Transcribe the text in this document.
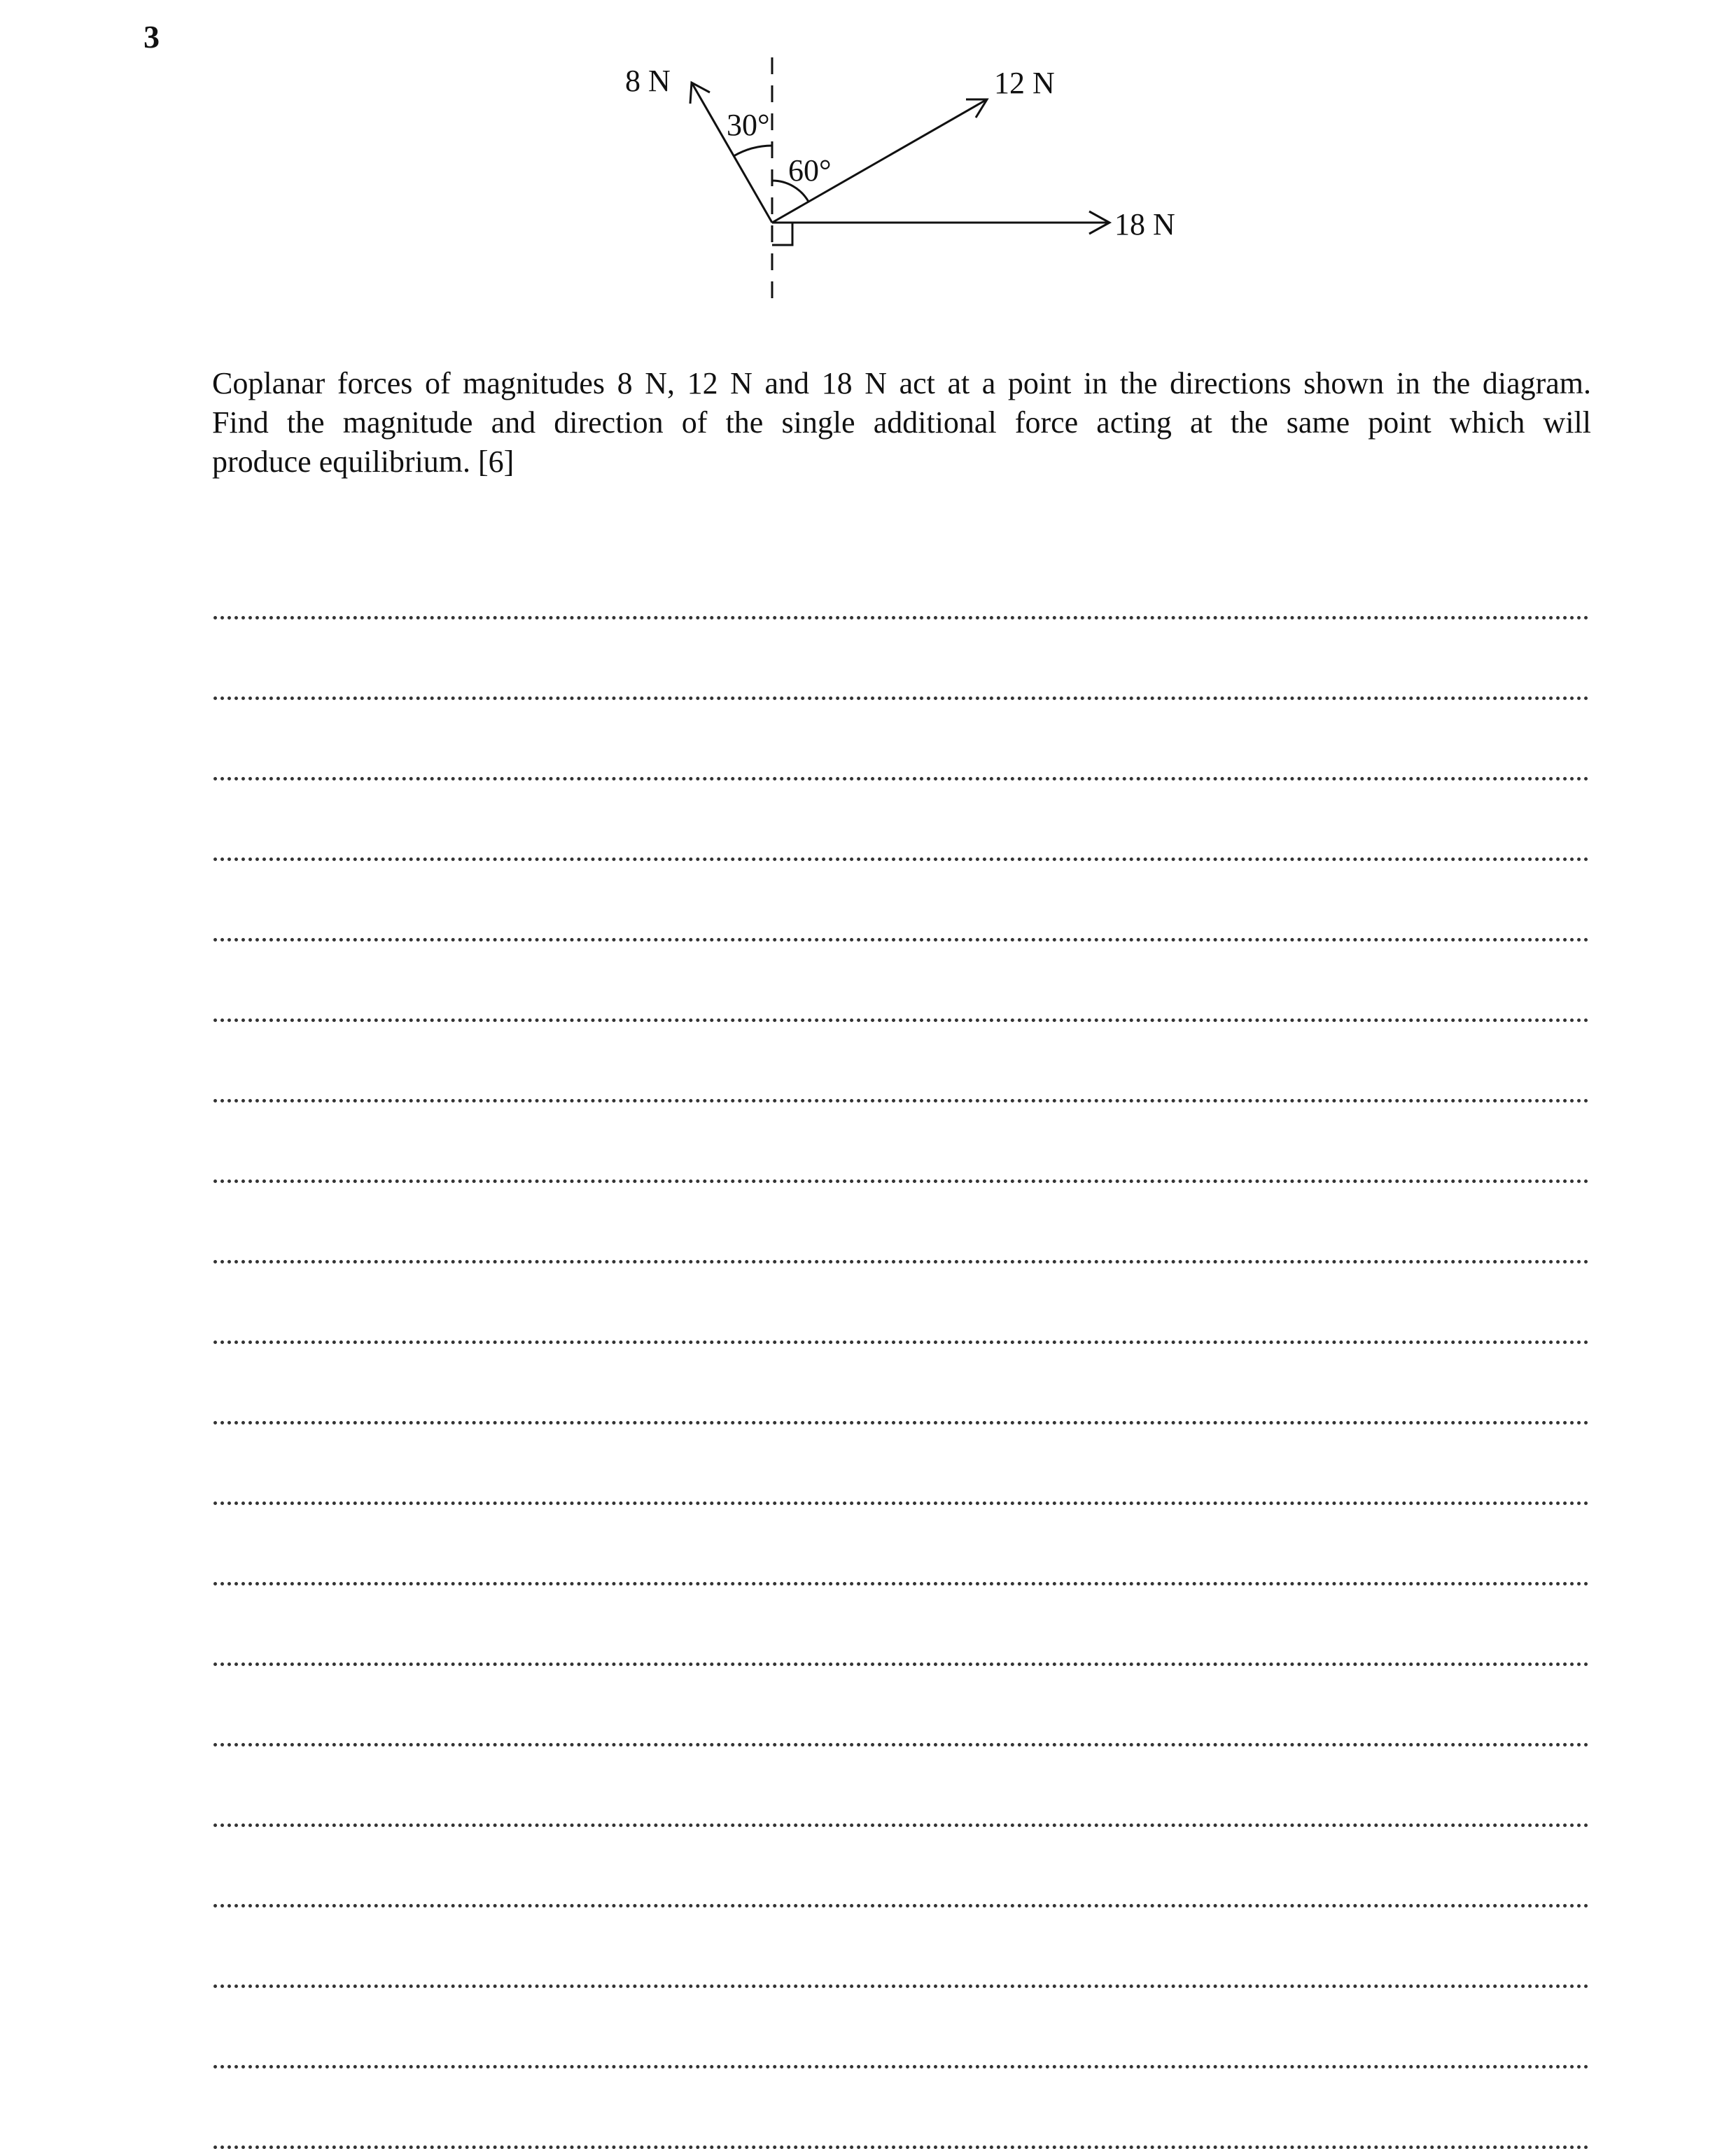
3
8 N	12 N
18 N
30°
60°
Coplanar forces of magnitudes 8 N, 12 N and 18 N act at a point in the directions shown in the diagram.
Find the magnitude and direction of the single additional force acting at the same point which will
produce equilibrium. [6]
